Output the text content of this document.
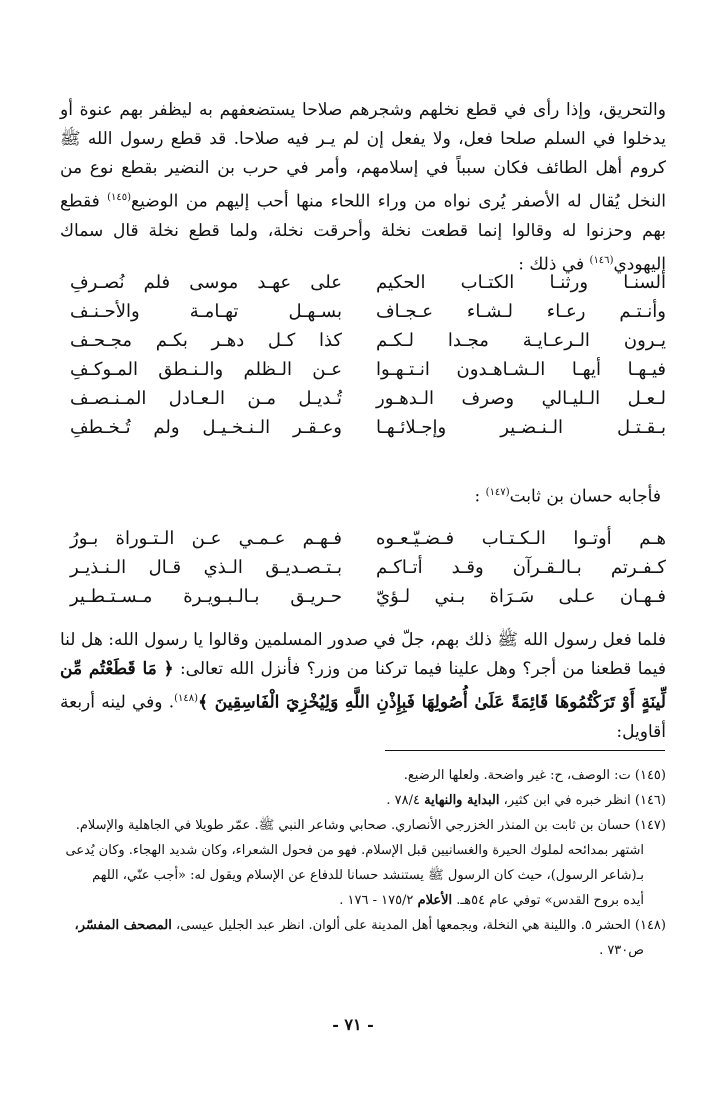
والتحريق، وإذا رأى في قطع نخلهم وشجرهم صلاحا يستضعفهم به ليظفر بهم عنوة أو يدخلوا في السلم صلحا فعل، ولا يفعل إن لم يـر فيه صلاحا. قد قطع رسول الله ﷺ كروم أهل الطائف فكان سبباً في إسلامهم، وأمر في حرب بن النضير بقطع نوع من النخل يُقال له الأصفر يُرى نواه من وراء اللحاء منها أحب إليهم من الوضيع$^{(١٤٥)}$ فقطع بهم وحزنوا له وقالوا إنما قطعت نخلة وأحرقت نخلة، ولما قطع نخلة قال سماك اليهودي$^{(١٤٦)}$ في ذلك :

ألسنـا ورثنـا الكتـاب الحكيم
على عهـد موسى فلم نُصـرفِ
وأنـتـم رعـاء لـشـاء عـجـاف
بسـهـل تهـامـة والأحـنـف
يـرون الـرعـايـة مجـدا لـكـم
كذا كـل دهـر بكـم مجـحـف
فيـهـا أيهـا الـشـاهـدون انـتـهـوا
عـن الـظلم والـنـطق المـوكـفِ
لـعـل الـليـالي وصرف الـدهـور
تُـديـل مـن الـعـادل المـنـصـف
بـقـتـل الـنـضـير وإجـلائـهـا
وعـقـر الـنـخـيـل ولم تُـخـطفِ

فأجابه حسان بن ثابت$^{(١٤٧)}$ :

هـم أوتـوا الـكـتـاب فـضـيّـعـوه
فـهـم عـمـي عـن الـتـوراة بـورُ
كـفـرتم بـالـقـرآن وقـد أتـاكـم
بـتـصـديـق الـذي قـال الـنـذيـر
فـهـان عـلى سَـرَاة بـني لـؤيّ
حـريـق بـالـبـويـرة مـسـتـطـير

فلما فعل رسول الله ﷺ ذلك بهم، جلّ في صدور المسلمين وقالوا يا رسول الله: هل لنا فيما قطعنا من أجر؟ وهل علينا فيما تركنا من وزر؟ فأنزل الله تعالى: ﴿ مَا قَطَعْتُم مِّن لِّينَةٍ أَوْ تَرَكْتُمُوهَا قَائِمَةً عَلَىٰ أُصُولِهَا فَبِإِذْنِ اللَّهِ وَلِيُخْزِيَ الْفَاسِقِينَ ﴾$^{(١٤٨)}$. وفي لينه أربعة أقاويل:

(١٤٥) ت: الوصف، ح: غير واضحة. ولعلها الرضيع.
(١٤٦) انظر خبره في ابن كثير، البداية والنهاية ٧٨/٤ .
(١٤٧) حسان بن ثابت بن المنذر الخزرجي الأنصاري. صحابي وشاعر النبي ﷺ. عمّر طويلا في الجاهلية والإسلام.
اشتهر بمدائحه لملوك الحيرة والغسانيين قبل الإسلام. فهو من فحول الشعراء، وكان شديد الهجاء. وكان يُدعى
بـ(شاعر الرسول)، حيث كان الرسول ﷺ يستنشد حسانا للدفاع عن الإسلام ويقول له: «أجب عنّي، اللهم
أيده بروح القدس» توفي عام ٥٤هـ. الأعلام ١٧٥/٢ - ١٧٦ .
(١٤٨) الحشر ٥. واللينة هي النخلة، ويجمعها أهل المدينة على ألوان. انظر عبد الجليل عيسى، المصحف المفسّر،
ص٧٣٠ .
- ٧١ -
